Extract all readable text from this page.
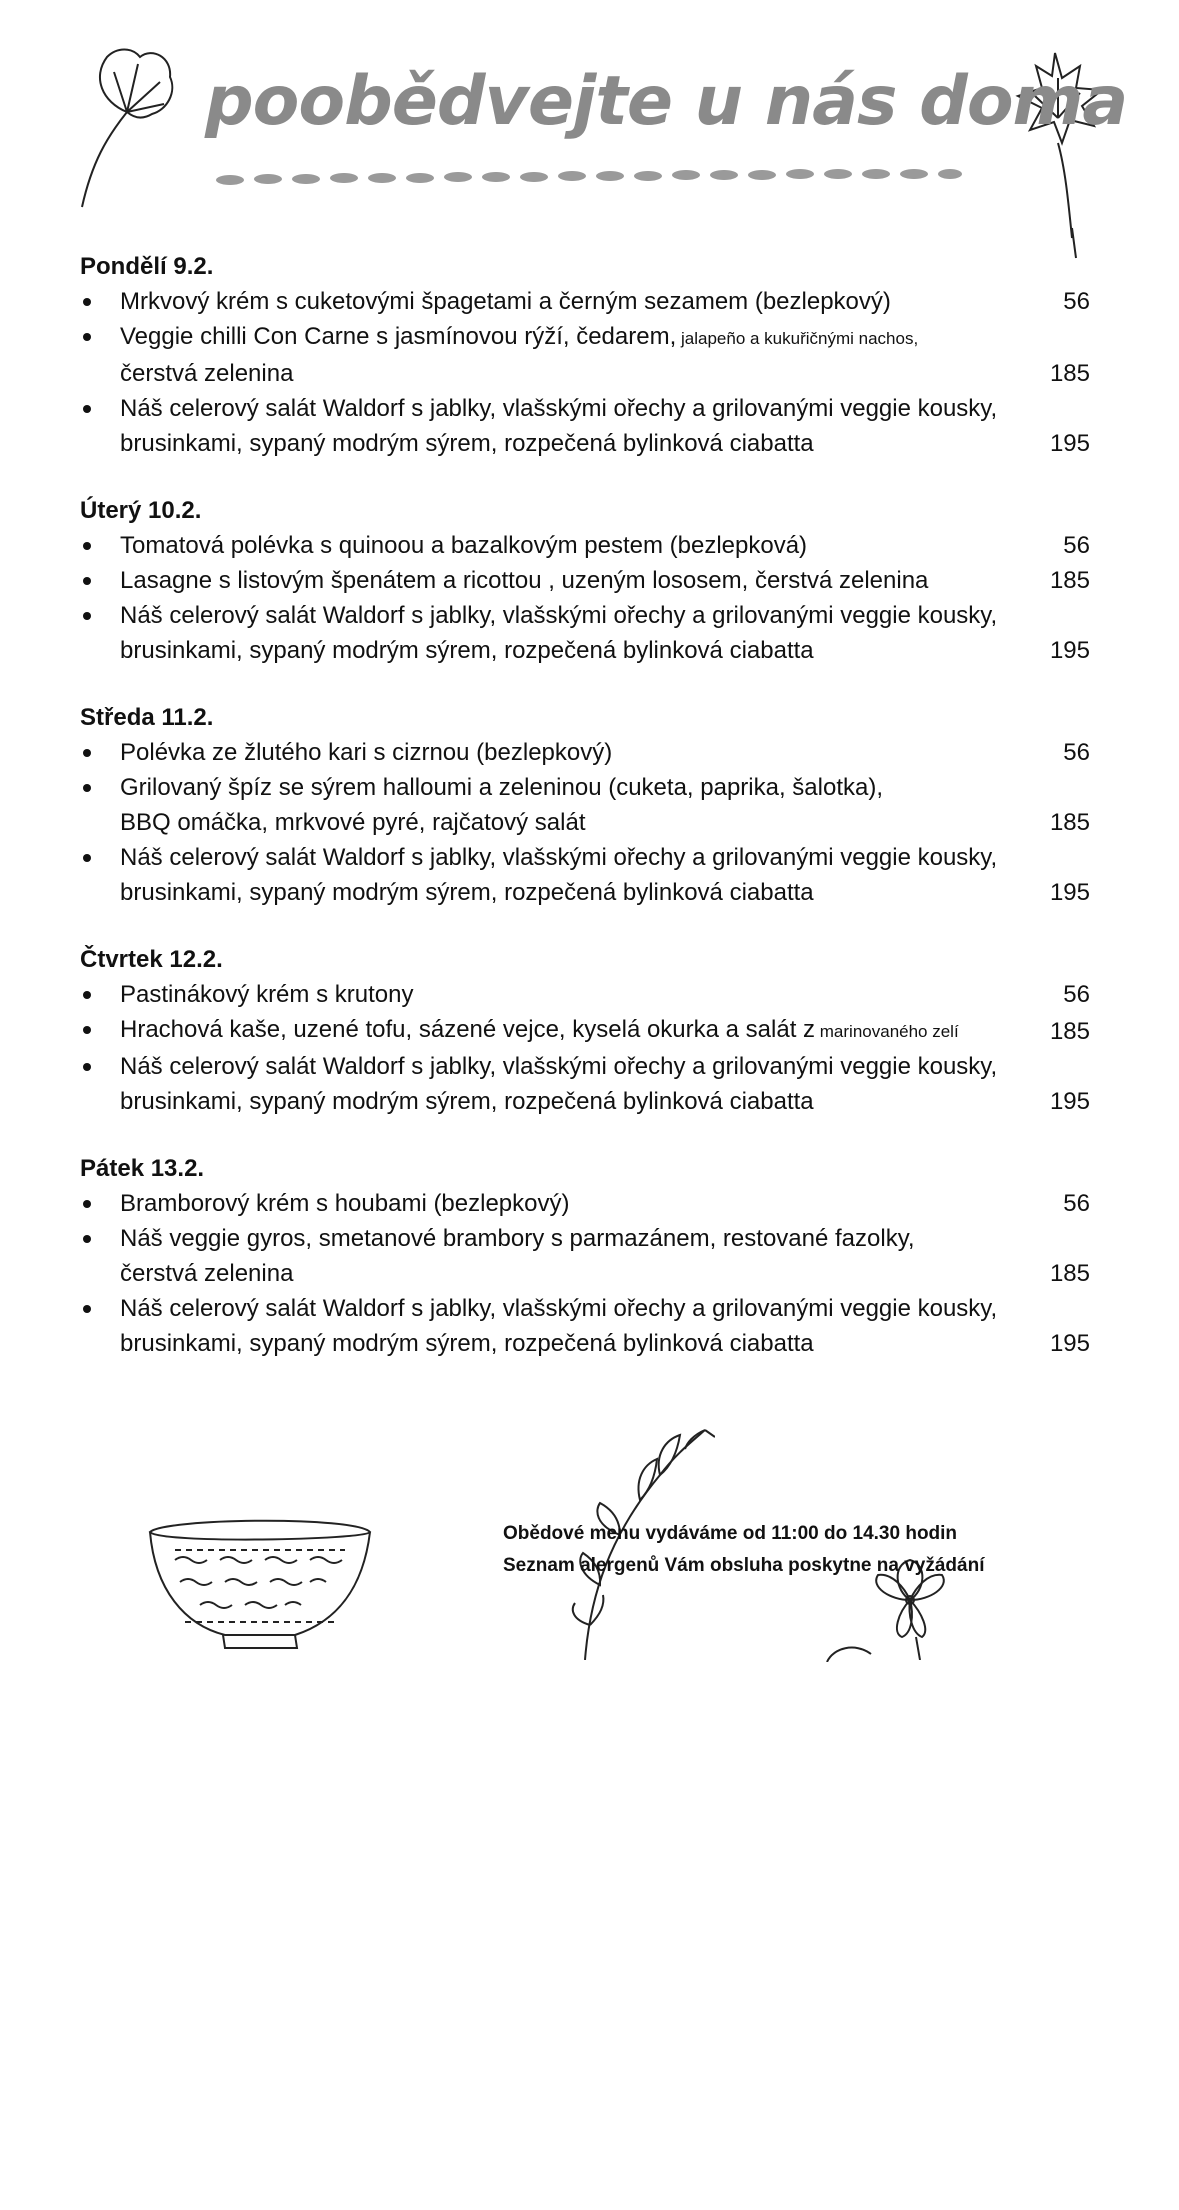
poobědvejte u nás doma
Pondělí 9.2.
Mrkvový krém s cuketovými špagetami a černým sezamem (bezlepkový)	56
Veggie chilli Con Carne s jasmínovou rýží, čedarem, jalapeño a kukuřičnými nachos,
čerstvá zelenina	185
Náš celerový salát Waldorf s jablky, vlašskými ořechy a grilovanými veggie kousky,
brusinkami, sypaný modrým sýrem, rozpečená bylinková ciabatta	195
Úterý 10.2.
Tomatová polévka s quinoou a bazalkovým pestem (bezlepková)	56
Lasagne s listovým špenátem a ricottou , uzeným lososem, čerstvá zelenina	185
Náš celerový salát Waldorf s jablky, vlašskými ořechy a grilovanými veggie kousky,
brusinkami, sypaný modrým sýrem, rozpečená bylinková ciabatta	195
Středa 11.2.
Polévka ze žlutého kari s cizrnou (bezlepkový)	56
Grilovaný špíz se sýrem halloumi a zeleninou (cuketa, paprika, šalotka),
BBQ omáčka, mrkvové pyré, rajčatový salát	185
Náš celerový salát Waldorf s jablky, vlašskými ořechy a grilovanými veggie kousky,
brusinkami, sypaný modrým sýrem, rozpečená bylinková ciabatta	195
Čtvrtek 12.2.
Pastinákový krém s krutony	56
Hrachová kaše, uzené tofu, sázené vejce, kyselá okurka a salát z marinovaného zelí	185
Náš celerový salát Waldorf s jablky, vlašskými ořechy a grilovanými veggie kousky,
brusinkami, sypaný modrým sýrem, rozpečená bylinková ciabatta	195
Pátek 13.2.
Bramborový krém s houbami (bezlepkový)	56
Náš veggie gyros, smetanové brambory s parmazánem, restované fazolky,
čerstvá zelenina	185
Náš celerový salát Waldorf s jablky, vlašskými ořechy a grilovanými veggie kousky,
brusinkami, sypaný modrým sýrem, rozpečená bylinková ciabatta	195
Obědové menu vydáváme od 11:00 do 14.30 hodin
Seznam alergenů Vám obsluha poskytne na vyžádání
